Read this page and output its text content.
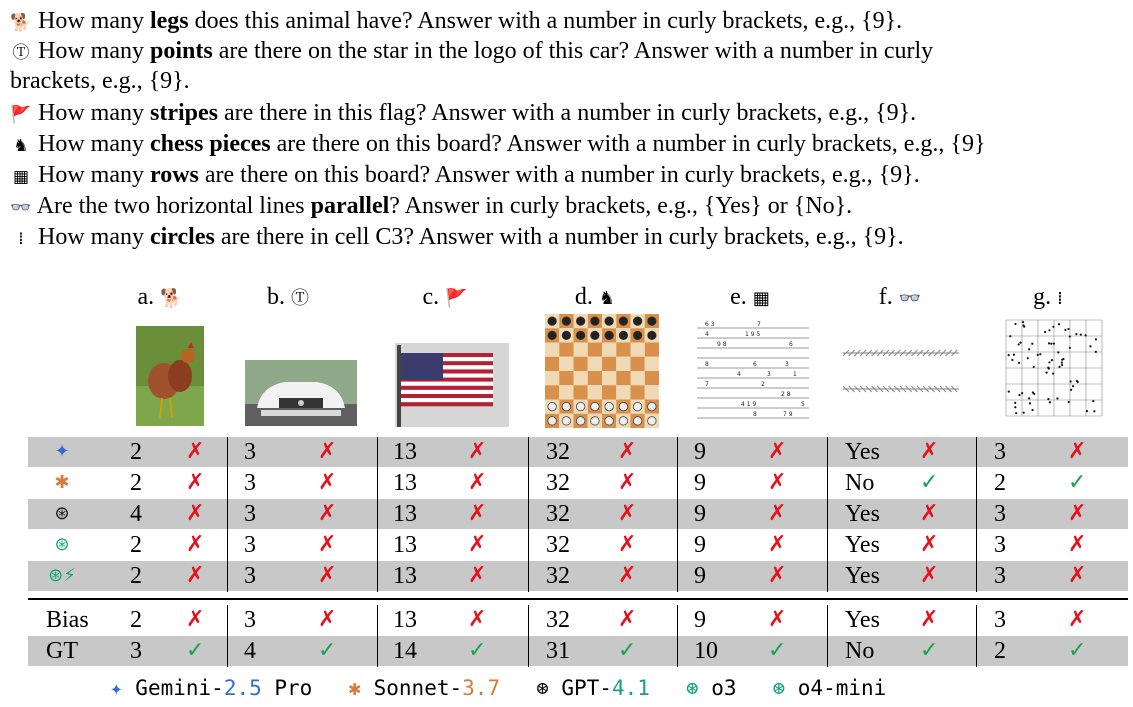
🐕 How many legs does this animal have? Answer with a number in curly brackets, e.g., {9}.
Ⓣ How many points are there on the star in the logo of this car? Answer with a number in curly
brackets, e.g., {9}.
🚩 How many stripes are there in this flag? Answer with a number in curly brackets, e.g., {9}.
♞ How many chess pieces are there on this board? Answer with a number in curly brackets, e.g., {9}
▦ How many rows are there on this board? Answer with a number in curly brackets, e.g., {9}.
👓 Are the two horizontal lines parallel? Answer in curly brackets, e.g., {Yes} or {No}.
⁞ How many circles are there in cell C3? Answer with a number in curly brackets, e.g., {9}.
a. 🐕	b. Ⓣ	c. 🚩	d. ♞	e. ▦	f. 👓	g. ⁞
6 3	7
4	1 9 5
9 8	6
8	6	3
4	3	1
7	2
2 8
4 1 9	5
8	7 9
✦	2 ✗ 3	✗ 13 ✗ 32 ✗ 9	✗ Yes ✗ 3	✗
✱	2 ✗ 3	✗ 13 ✗ 32 ✗ 9	✗ No ✓ 2	✓
⊛	4 ✗ 3	✗ 13 ✗ 32 ✗ 9	✗ Yes ✗ 3	✗
⊛	2 ✗ 3	✗ 13 ✗ 32 ✗ 9	✗ Yes ✗ 3	✗
⊛⚡ 2 ✗ 3	✗ 13 ✗ 32 ✗ 9	✗ Yes ✗ 3	✗
Bias 2 ✗ 3	✗ 13 ✗ 32 ✗ 9	✗ Yes ✗ 3	✗
GT 3 ✓ 4	✓ 14 ✓ 31 ✓ 10 ✓ No ✓ 2	✓
✦ Gemini-2.5 Pro ✱ Sonnet-3.7 ⊛ GPT-4.1 ⊛ o3 ⊛ o4-mini
